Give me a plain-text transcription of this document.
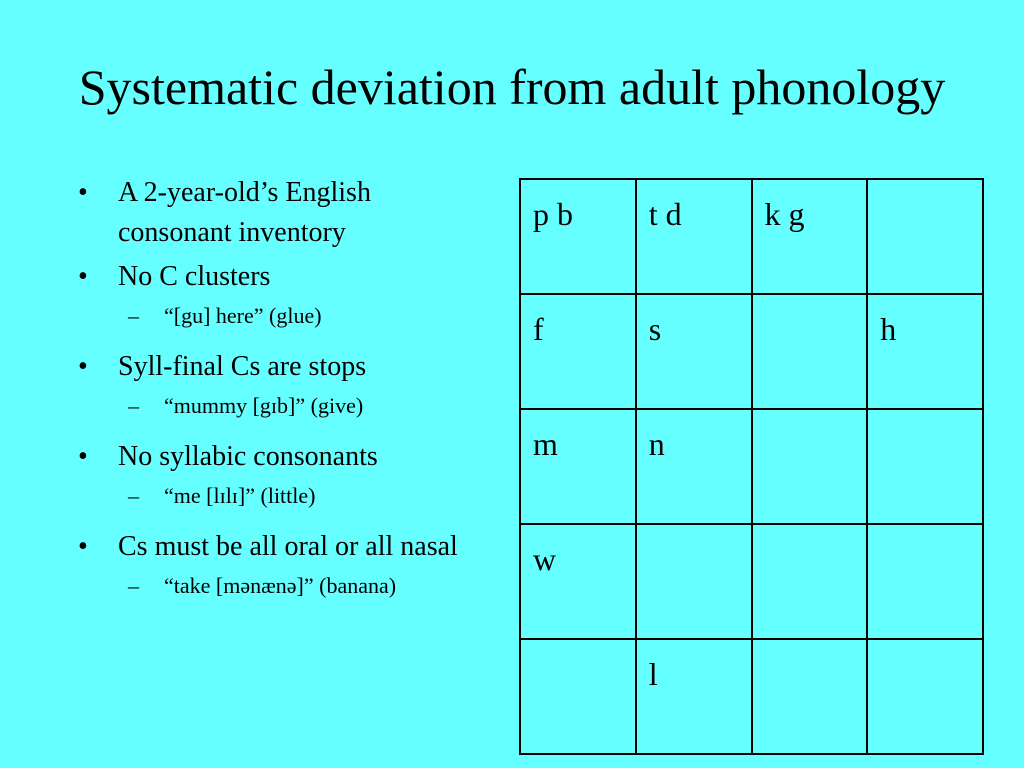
Systematic deviation from adult phonology
• A 2-year-old’s English consonant inventory
• No C clusters
– “[gu] here” (glue)
• Syll-final Cs are stops
– “mummy [gɪb]” (give)
• No syllabic consonants
– “me [lɪlɪ]” (little)
• Cs must be all oral or all nasal
– “take [mənænə]” (banana)
p b	t d	k g	
f	s		h
m	n		
w			
	l		
